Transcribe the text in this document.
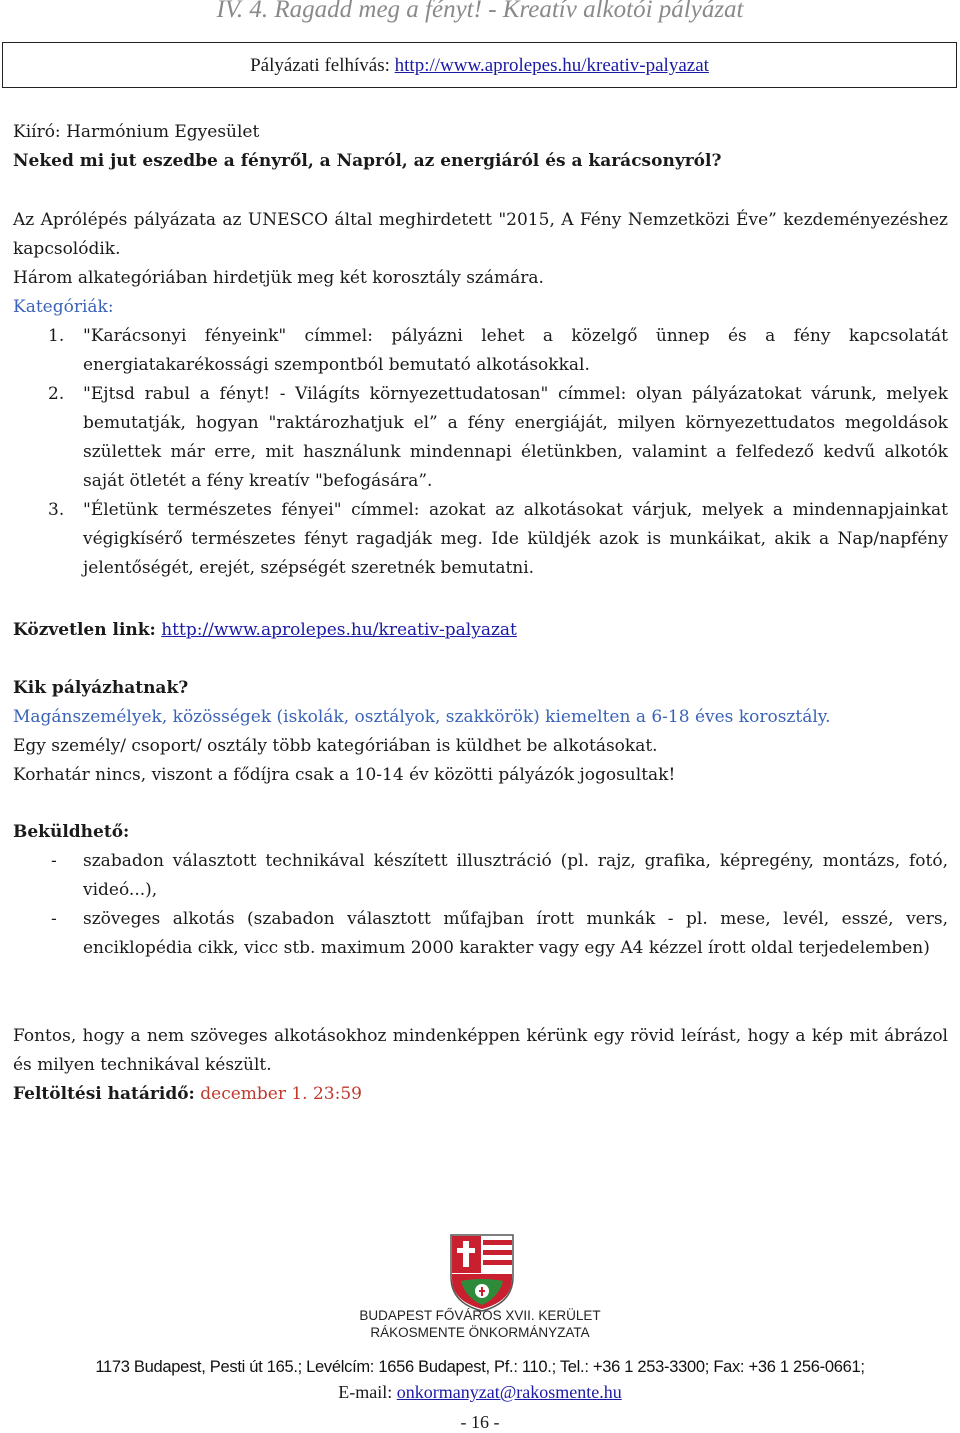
IV. 4. Ragadd meg a fényt! - Kreatív alkotói pályázat
Pályázati felhívás: http://www.aprolepes.hu/kreativ-palyazat

Kiíró: Harmónium Egyesület

Neked mi jut eszedbe a fényről, a Napról, az energiáról és a karácsonyról?

Az Aprólépés pályázata az UNESCO által meghirdetett "2015, A Fény Nemzetközi Éve” kezdeményezéshez kapcsolódik.

Három alkategóriában hirdetjük meg két korosztály számára.

Kategóriák:

1. "Karácsonyi fényeink" címmel: pályázni lehet a közelgő ünnep és a fény kapcsolatát energiatakarékossági szempontból bemutató alkotásokkal.
2. "Ejtsd rabul a fényt! - Világíts környezettudatosan" címmel: olyan pályázatokat várunk, melyek bemutatják, hogyan "raktározhatjuk el” a fény energiáját, milyen környezettudatos megoldások születtek már erre, mit használunk mindennapi életünkben, valamint a felfedező kedvű alkotók saját ötletét a fény kreatív "befogására”.
3. "Életünk természetes fényei" címmel: azokat az alkotásokat várjuk, melyek a mindennapjainkat végigkísérő természetes fényt ragadják meg. Ide küldjék azok is munkáikat, akik a Nap/napfény jelentőségét, erejét, szépségét szeretnék bemutatni.
Közvetlen link: http://www.aprolepes.hu/kreativ-palyazat

Kik pályázhatnak?

Magánszemélyek, közösségek (iskolák, osztályok, szakkörök) kiemelten a 6-18 éves korosztály.

Egy személy/ csoport/ osztály több kategóriában is küldhet be alkotásokat.

Korhatár nincs, viszont a fődíjra csak a 10-14 év közötti pályázók jogosultak!

Beküldhető:

- szabadon választott technikával készített illusztráció (pl. rajz, grafika, képregény, montázs, fotó, videó...),
- szöveges alkotás (szabadon választott műfajban írott munkák - pl. mese, levél, esszé, vers, enciklopédia cikk, vicc stb. maximum 2000 karakter vagy egy A4 kézzel írott oldal terjedelemben)

Fontos, hogy a nem szöveges alkotásokhoz mindenképpen kérünk egy rövid leírást, hogy a kép mit ábrázol és milyen technikával készült.

Feltöltési határidő: december 1. 23:59

BUDAPEST FŐVÁROS XVII. KERÜLET
RÁKOSMENTE ÖNKORMÁNYZATA
1173 Budapest, Pesti út 165.; Levélcím: 1656 Budapest, Pf.: 110.; Tel.: +36 1 253-3300; Fax: +36 1 256-0661;
E-mail: onkormanyzat@rakosmente.hu
- 16 -
